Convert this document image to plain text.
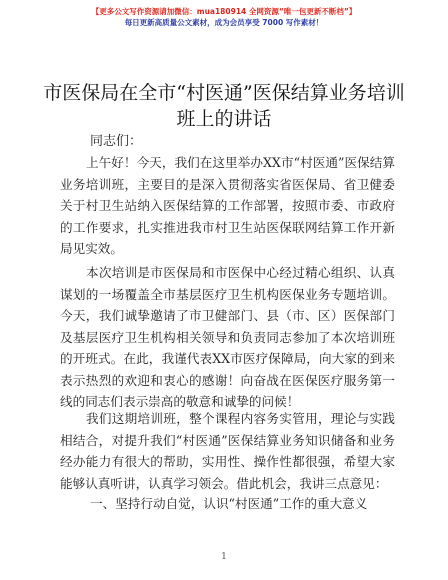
【更多公文写作资源请加微信：mua180914 全网资源“唯一包更新不断档”】
每日更新高质量公文素材，成为会员享受 7000 写作素材！
市医保局在全市“村医通”医保结算业务培训班上的讲话
同志们：
上午好！今天，我们在这里举办XX市“村医通”医保结算业务培训班，主要目的是深入贯彻落实省医保局、省卫健委关于村卫生站纳入医保结算的工作部署，按照市委、市政府的工作要求，扎实推进我市村卫生站医保联网结算工作开新局见实效。
本次培训是市医保局和市医保中心经过精心组织、认真谋划的一场覆盖全市基层医疗卫生机构医保业务专题培训。今天，我们诚挚邀请了市卫健部门、县（市、区）医保部门及基层医疗卫生机构相关领导和负责同志参加了本次培训班的开班式。在此，我谨代表XX市医疗保障局，向大家的到来表示热烈的欢迎和衷心的感谢！向奋战在医保医疗服务第一线的同志们表示崇高的敬意和诚挚的问候！
我们这期培训班，整个课程内容务实管用，理论与实践相结合，对提升我们“村医通”医保结算业务知识储备和业务经办能力有很大的帮助，实用性、操作性都很强，希望大家能够认真听讲，认真学习领会。借此机会，我讲三点意见：
一、坚持行动自觉，认识“村医通”工作的重大意义
1
